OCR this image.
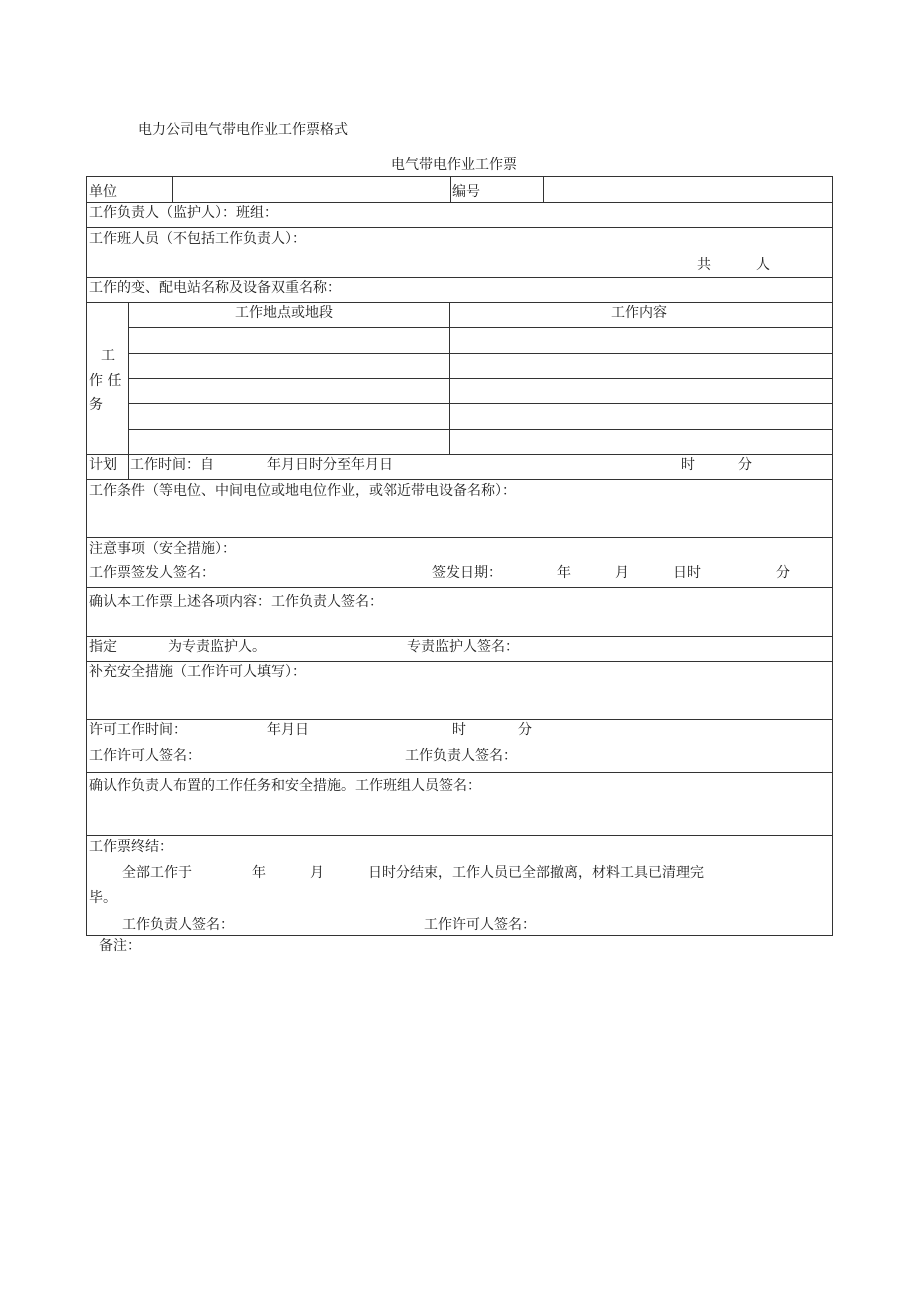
电力公司电气带电作业工作票格式
电气带电作业工作票
单位	编号
工作负责人（监护人）：班组：
工作班人员（不包括工作负责人）：
共	人
工作的变、配电站名称及设备双重名称：
工
作 任
务
工作地点或地段	工作内容
计划 工作时间：自	年月日时分至年月日	时	分
工作条件（等电位、中间电位或地电位作业，或邻近带电设备名称）：
注意事项（安全措施）：
工作票签发人签名：	签发日期：	年	月	日时	分
确认本工作票上述各项内容：工作负责人签名：
指定	为专责监护人。	专责监护人签名：
补充安全措施（工作许可人填写）：
许可工作时间：	年月日	时	分
工作许可人签名：	工作负责人签名：
确认作负责人布置的工作任务和安全措施。工作班组人员签名：
工作票终结：
全部工作于	年	月	日时分结束，工作人员已全部撤离，材料工具已清理完
毕。
工作负责人签名：	工作许可人签名：
备注：
